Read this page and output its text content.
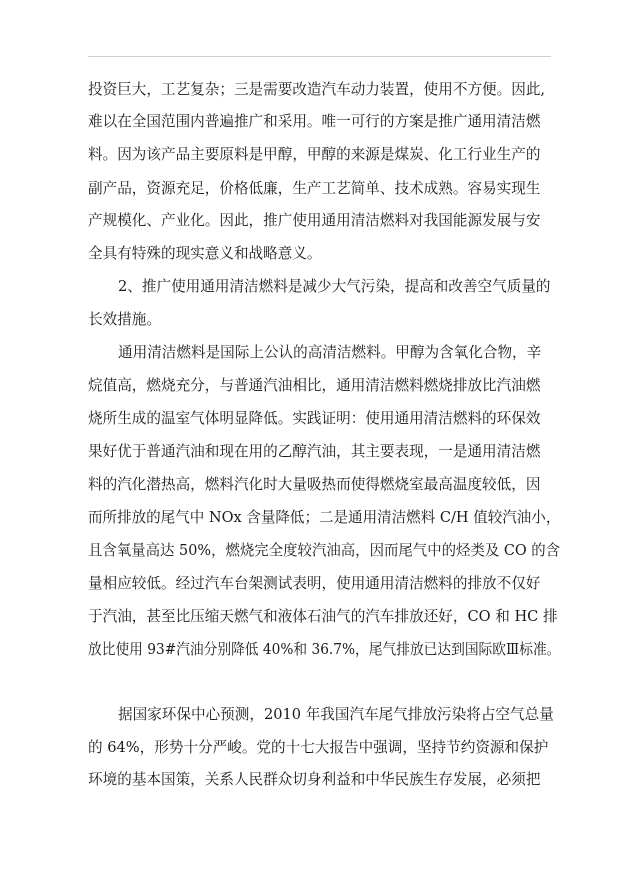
投资巨大，工艺复杂；三是需要改造汽车动力装置，使用不方便。因此,
难以在全国范围内普遍推广和采用。唯一可行的方案是推广通用清洁燃
料。因为该产品主要原料是甲醇，甲醇的来源是煤炭、化工行业生产的
副产品，资源充足，价格低廉，生产工艺简单、技术成熟。容易实现生
产规模化、产业化。因此，推广使用通用清洁燃料对我国能源发展与安
全具有特殊的现实意义和战略意义。
2、推广使用通用清洁燃料是减少大气污染，提高和改善空气质量的
长效措施。
通用清洁燃料是国际上公认的高清洁燃料。甲醇为含氧化合物，辛
烷值高，燃烧充分，与普通汽油相比，通用清洁燃料燃烧排放比汽油燃
烧所生成的温室气体明显降低。实践证明：使用通用清洁燃料的环保效
果好优于普通汽油和现在用的乙醇汽油，其主要表现，一是通用清洁燃
料的汽化潜热高，燃料汽化时大量吸热而使得燃烧室最高温度较低，因
而所排放的尾气中 NOx 含量降低；二是通用清洁燃料 C/H 值较汽油小，
且含氧量高达 50%，燃烧完全度较汽油高，因而尾气中的烃类及 CO 的含
量相应较低。经过汽车台架测试表明，使用通用清洁燃料的排放不仅好
于汽油，甚至比压缩天燃气和液体石油气的汽车排放还好，CO 和 HC 排
放比使用 93#汽油分别降低 40%和 36.7%，尾气排放已达到国际欧Ⅲ标准。
据国家环保中心预测，2010 年我国汽车尾气排放污染将占空气总量
的 64%，形势十分严峻。党的十七大报告中强调，坚持节约资源和保护
环境的基本国策，关系人民群众切身利益和中华民族生存发展，必须把
